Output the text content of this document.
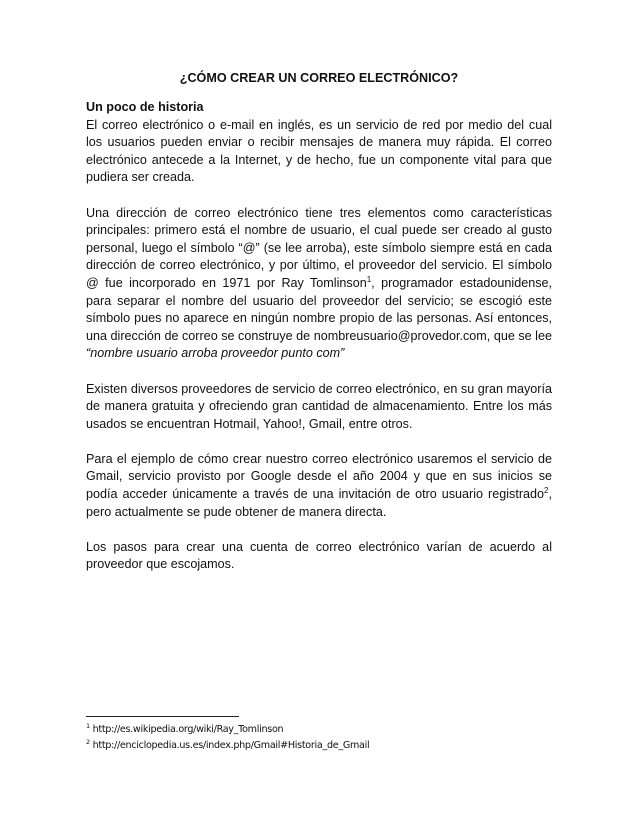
¿CÓMO CREAR UN CORREO ELECTRÓNICO?

Un poco de historia
El correo electrónico o e-mail en inglés, es un servicio de red por medio del cual los usuarios pueden enviar o recibir mensajes de manera muy rápida. El correo electrónico antecede a la Internet, y de hecho, fue un componente vital para que pudiera ser creada.

Una dirección de correo electrónico tiene tres elementos como características principales: primero está el nombre de usuario, el cual puede ser creado al gusto personal, luego el símbolo “@” (se lee arroba), este símbolo siempre está en cada dirección de correo electrónico, y por último, el proveedor del servicio. El símbolo @ fue incorporado en 1971 por Ray Tomlinson$^1$, programador estadounidense, para separar el nombre del usuario del proveedor del servicio; se escogió este símbolo pues no aparece en ningún nombre propio de las personas. Así entonces, una dirección de correo se construye de nombreusuario@provedor.com, que se lee “nombre usuario arroba proveedor punto com”

Existen diversos proveedores de servicio de correo electrónico, en su gran mayoría de manera gratuita y ofreciendo gran cantidad de almacenamiento. Entre los más usados se encuentran Hotmail, Yahoo!, Gmail, entre otros.

Para el ejemplo de cómo crear nuestro correo electrónico usaremos el servicio de Gmail, servicio provisto por Google desde el año 2004 y que en sus inicios se podía acceder únicamente a través de una invitación de otro usuario registrado$^2$, pero actualmente se pude obtener de manera directa.

Los pasos para crear una cuenta de correo electrónico varían de acuerdo al proveedor que escojamos.

$^1$ http://es.wikipedia.org/wiki/Ray_Tomlinson
$^2$ http://enciclopedia.us.es/index.php/Gmail#Historia_de_Gmail
